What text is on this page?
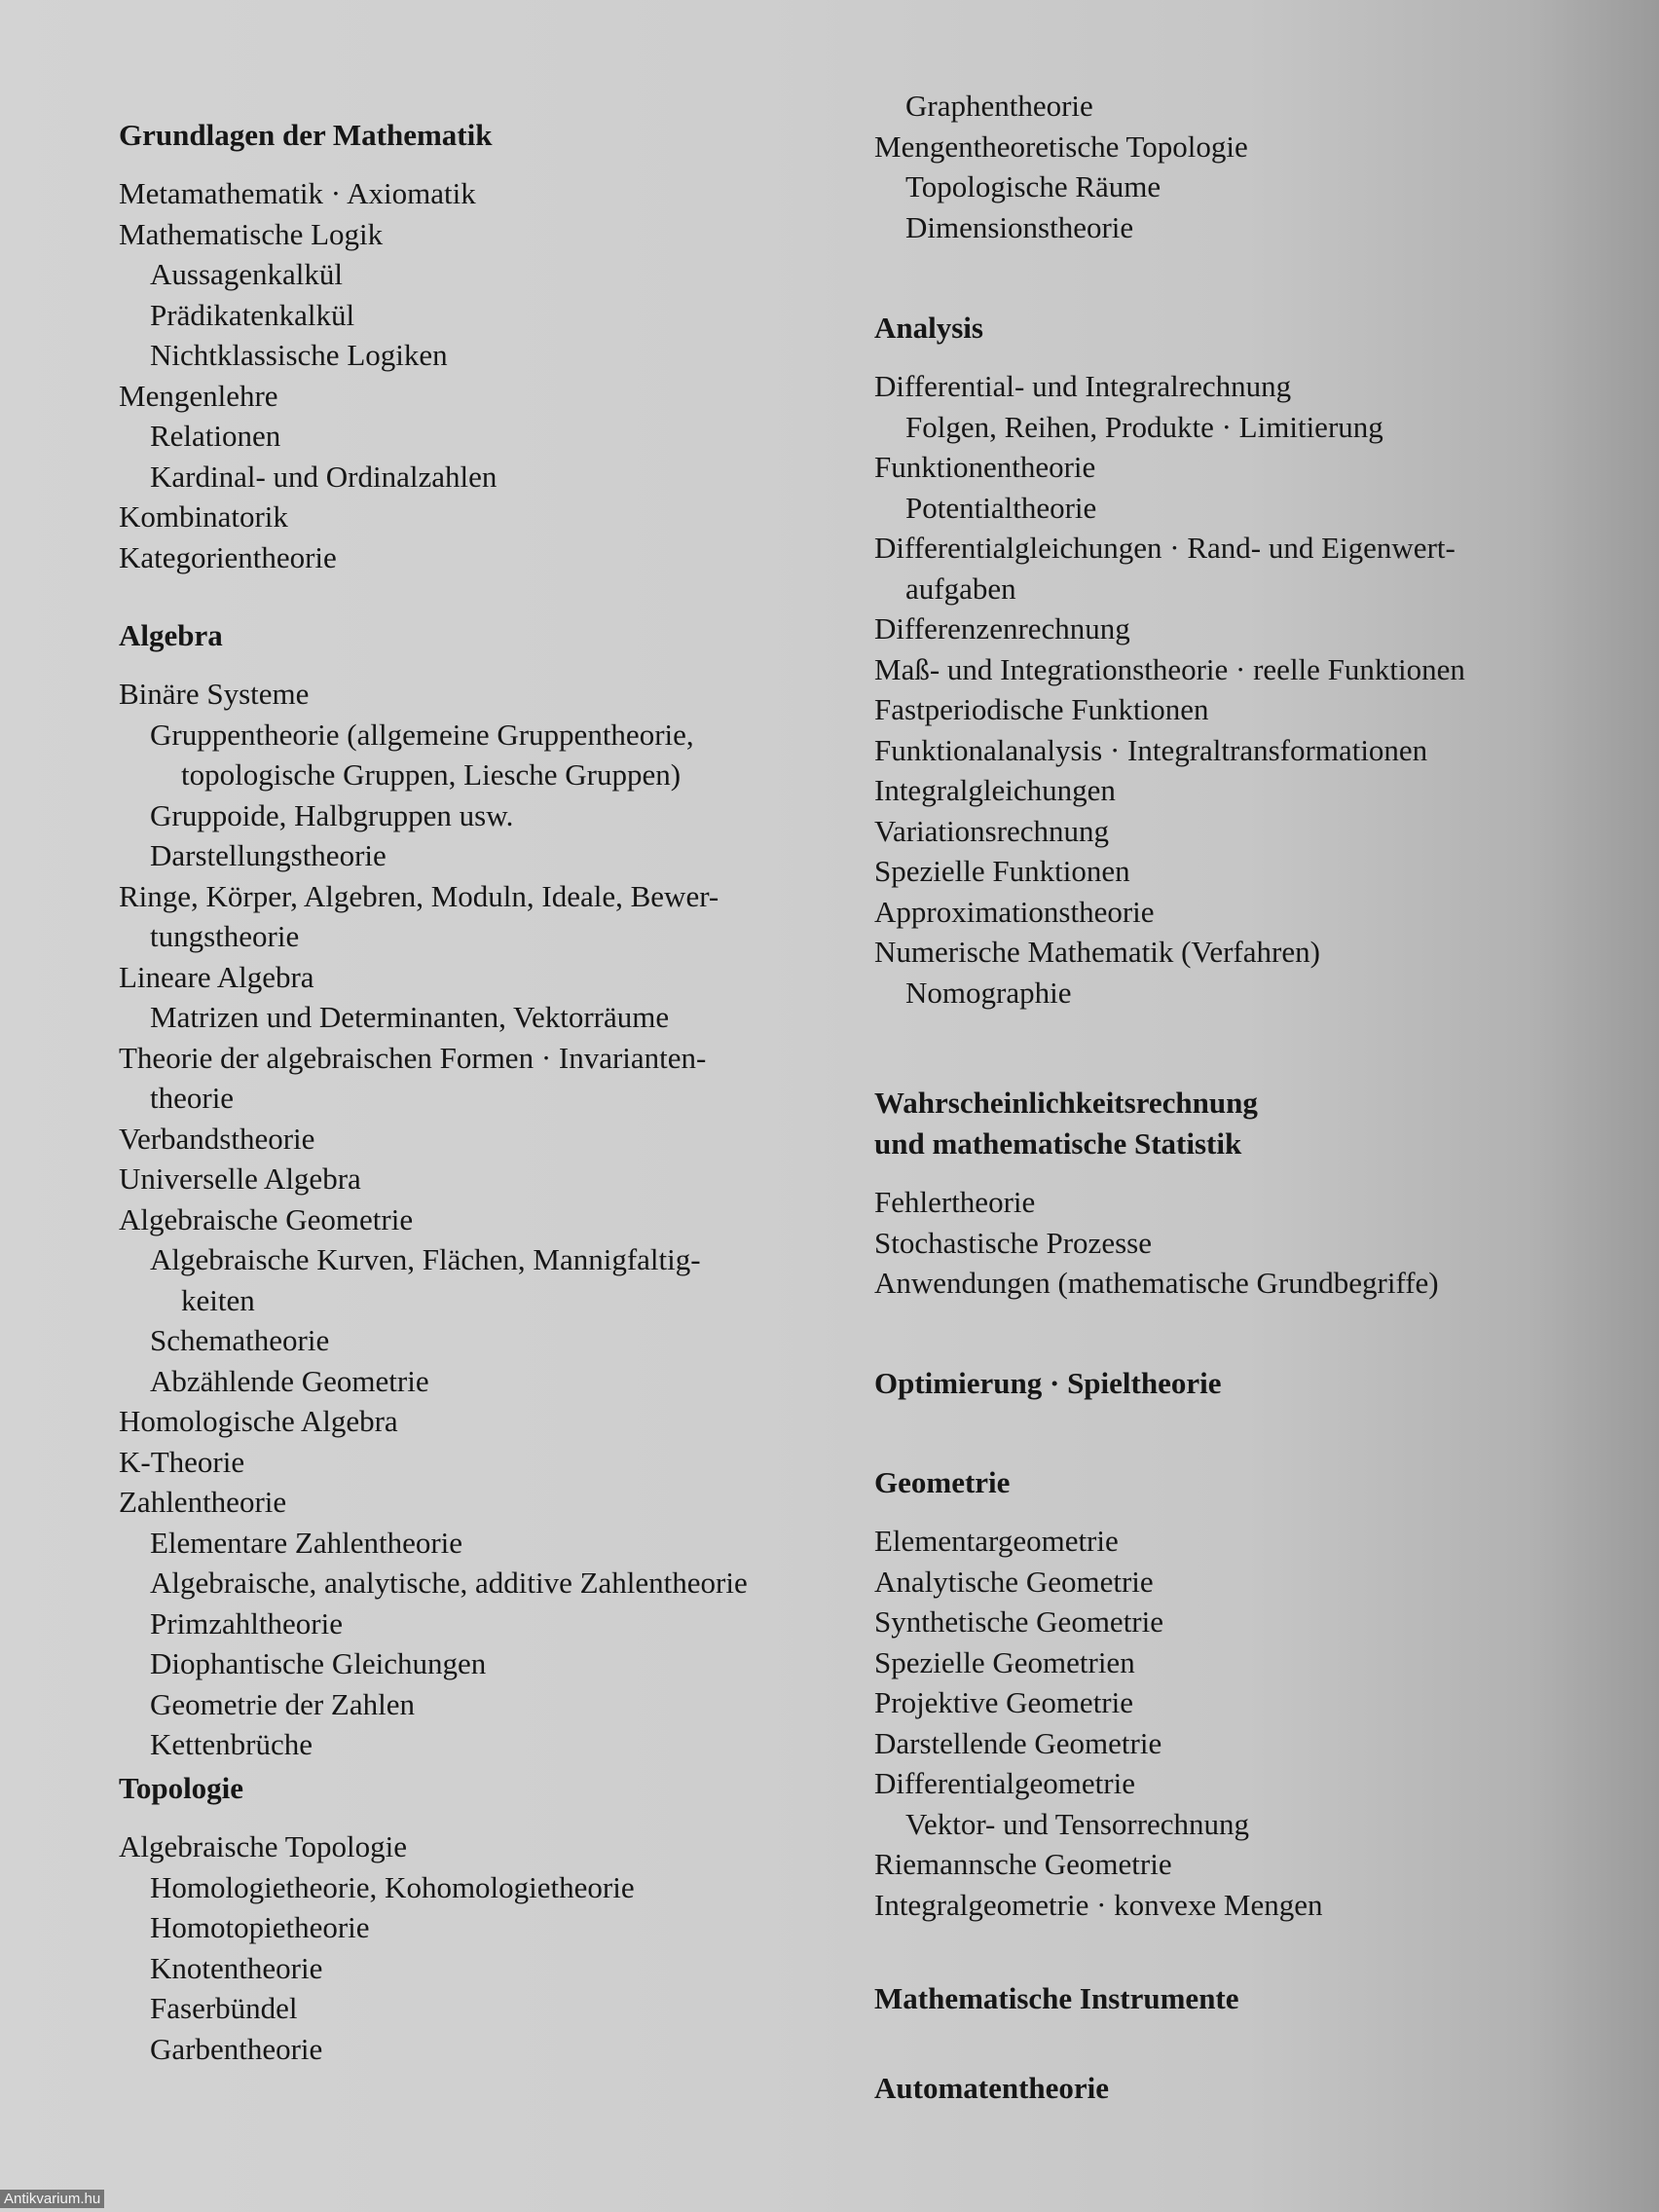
Grundlagen der Mathematik
Metamathematik · Axiomatik
Mathematische Logik
Aussagenkalkül
Prädikatenkalkül
Nichtklassische Logiken
Mengenlehre
Relationen
Kardinal- und Ordinalzahlen
Kombinatorik
Kategorientheorie
Algebra
Binäre Systeme
Gruppentheorie (allgemeine Gruppentheorie,
topologische Gruppen, Liesche Gruppen)
Gruppoide, Halbgruppen usw.
Darstellungstheorie
Ringe, Körper, Algebren, Moduln, Ideale, Bewer-
tungstheorie
Lineare Algebra
Matrizen und Determinanten, Vektorräume
Theorie der algebraischen Formen · Invarianten-
theorie
Verbandstheorie
Universelle Algebra
Algebraische Geometrie
Algebraische Kurven, Flächen, Mannigfaltig-
keiten
Schematheorie
Abzählende Geometrie
Homologische Algebra
K-Theorie
Zahlentheorie
Elementare Zahlentheorie
Algebraische, analytische, additive Zahlentheorie
Primzahltheorie
Diophantische Gleichungen
Geometrie der Zahlen
Kettenbrüche
Topologie
Algebraische Topologie
Homologietheorie, Kohomologietheorie
Homotopietheorie
Knotentheorie
Faserbündel
Garbentheorie
Graphentheorie
Mengentheoretische Topologie
Topologische Räume
Dimensionstheorie
Analysis
Differential- und Integralrechnung
Folgen, Reihen, Produkte · Limitierung
Funktionentheorie
Potentialtheorie
Differentialgleichungen · Rand- und Eigenwert-
aufgaben
Differenzenrechnung
Maß- und Integrationstheorie · reelle Funktionen
Fastperiodische Funktionen
Funktionalanalysis · Integraltransformationen
Integralgleichungen
Variationsrechnung
Spezielle Funktionen
Approximationstheorie
Numerische Mathematik (Verfahren)
Nomographie
Wahrscheinlichkeitsrechnung
und mathematische Statistik
Fehlertheorie
Stochastische Prozesse
Anwendungen (mathematische Grundbegriffe)
Optimierung · Spieltheorie
Geometrie
Elementargeometrie
Analytische Geometrie
Synthetische Geometrie
Spezielle Geometrien
Projektive Geometrie
Darstellende Geometrie
Differentialgeometrie
Vektor- und Tensorrechnung
Riemannsche Geometrie
Integralgeometrie · konvexe Mengen
Mathematische Instrumente
Automatentheorie
Antikvarium.hu
